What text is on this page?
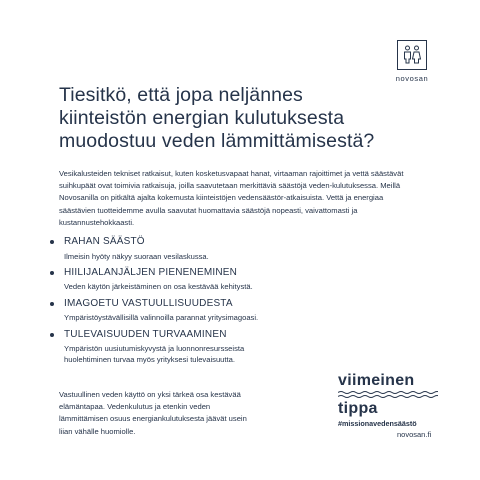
novosan
Tiesitkö, että jopa neljännes
kiinteistön energian kulutuksesta
muodostuu veden lämmittämisestä?

Vesikalusteiden tekniset ratkaisut, kuten kosketusvapaat hanat, virtaaman rajoittimet ja vettä säästävät suihkupäät ovat toimivia ratkaisuja, joilla saavutetaan merkittäviä säästöjä veden-kulutuksessa. Meillä Novosanilla on pitkältä ajalta kokemusta kiinteistöjen vedensäästör-atkaisuista. Vettä ja energiaa säästävien tuotteidemme avulla saavutat huomattavia säästöjä nopeasti, vaivattomasti ja kustannustehokkaasti.

RAHAN SÄÄSTÖ
Ilmeisin hyöty näkyy suoraan vesilaskussa.
HIILIJALANJÄLJEN PIENENEMINEN
Veden käytön järkeistäminen on osa kestävää kehitystä.
IMAGOETU VASTUULLISUUDESTA
Ympäristöystävällisillä valinnoilla parannat yritysimagoasi.
TULEVAISUUDEN TURVAAMINEN
Ympäristön uusiutumiskyvystä ja luonnonresursseista
huolehtiminen turvaa myös yrityksesi tulevaisuutta.

Vastuullinen veden käyttö on yksi tärkeä osa kestävää elämäntapaa. Vedenkulutus ja etenkin veden lämmittämisen osuus energiankulutuksesta jäävät usein liian vähälle huomiolle.

viimeinen
tippa
#missionavedensäästö
novosan.fi
